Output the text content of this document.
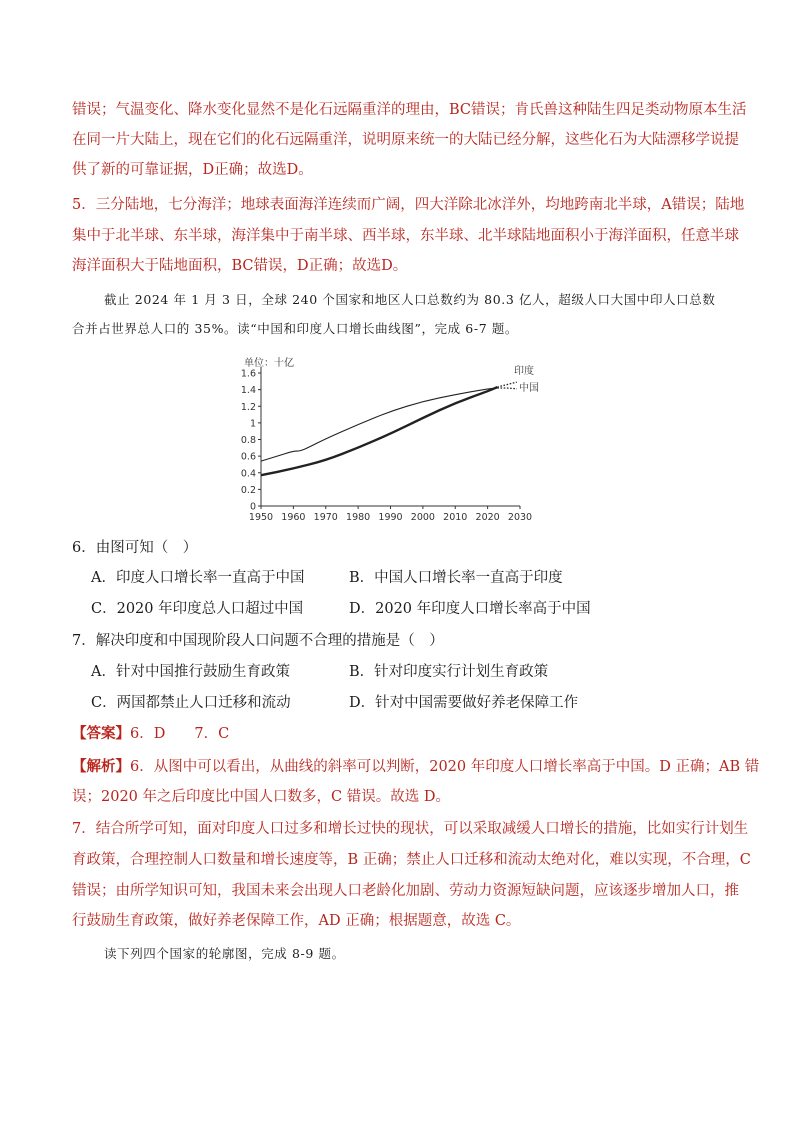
错误；气温变化、降水变化显然不是化石远隔重洋的理由，BC错误；肯氏兽这种陆生四足类动物原本生活
在同一片大陆上，现在它们的化石远隔重洋，说明原来统一的大陆已经分解，这些化石为大陆漂移学说提
供了新的可靠证据，D正确；故选D。
5．三分陆地，七分海洋；地球表面海洋连续而广阔，四大洋除北冰洋外，均地跨南北半球，A错误；陆地
集中于北半球、东半球，海洋集中于南半球、西半球，东半球、北半球陆地面积小于海洋面积，任意半球
海洋面积大于陆地面积，BC错误，D正确；故选D。
截止 2024 年 1 月 3 日，全球 240 个国家和地区人口总数约为 80.3 亿人，超级人口大国中印人口总数
合并占世界总人口的 35%。读“中国和印度人口增长曲线图”，完成 6-7 题。
单位：十亿
0
0.2
0.4
0.6
0.8
1
1.2
1.4
1.6
1950 1960 1970 1980 1990 2000 2010 2020 2030
印度
中国
6．由图可知（　）
A．印度人口增长率一直高于中国	B．中国人口增长率一直高于印度
C．2020 年印度总人口超过中国	D．2020 年印度人口增长率高于中国
7．解决印度和中国现阶段人口问题不合理的措施是（　）
A．针对中国推行鼓励生育政策	B．针对印度实行计划生育政策
C．两国都禁止人口迁移和流动	D．针对中国需要做好养老保障工作
【答案】6．D　　7．C
【解析】6．从图中可以看出，从曲线的斜率可以判断，2020 年印度人口增长率高于中国。D 正确；AB 错
误；2020 年之后印度比中国人口数多，C 错误。故选 D。
7．结合所学可知，面对印度人口过多和增长过快的现状，可以采取减缓人口增长的措施，比如实行计划生
育政策，合理控制人口数量和增长速度等，B 正确；禁止人口迁移和流动太绝对化，难以实现，不合理，C
错误；由所学知识可知，我国未来会出现人口老龄化加剧、劳动力资源短缺问题，应该逐步增加人口，推
行鼓励生育政策，做好养老保障工作，AD 正确；根据题意，故选 C。
读下列四个国家的轮廓图，完成 8-9 题。
